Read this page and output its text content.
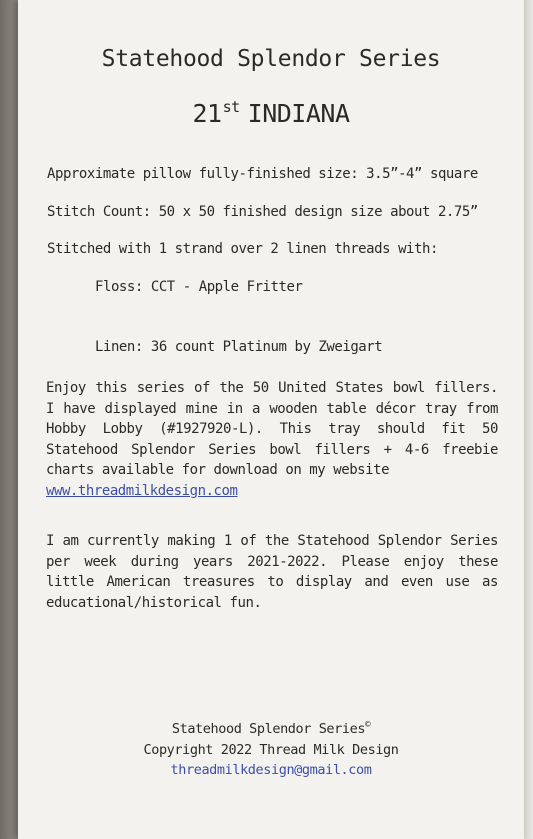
Statehood Splendor Series
21st INDIANA
Approximate pillow fully-finished size: 3.5”-4” square
Stitch Count: 50 x 50 finished design size about 2.75”
Stitched with 1 strand over 2 linen threads with:
Floss: CCT - Apple Fritter
Linen: 36 count Platinum by Zweigart
Enjoy this series of the 50 United States bowl fillers. I have displayed mine in a wooden table décor tray from Hobby Lobby (#1927920-L). This tray should fit 50 Statehood Splendor Series bowl fillers + 4-6 freebie charts available for download on my website
www.threadmilkdesign.com
I am currently making 1 of the Statehood Splendor Series per week during years 2021-2022. Please enjoy these little American treasures to display and even use as educational/historical fun.
Statehood Splendor Series©
Copyright 2022 Thread Milk Design
threadmilkdesign@gmail.com
